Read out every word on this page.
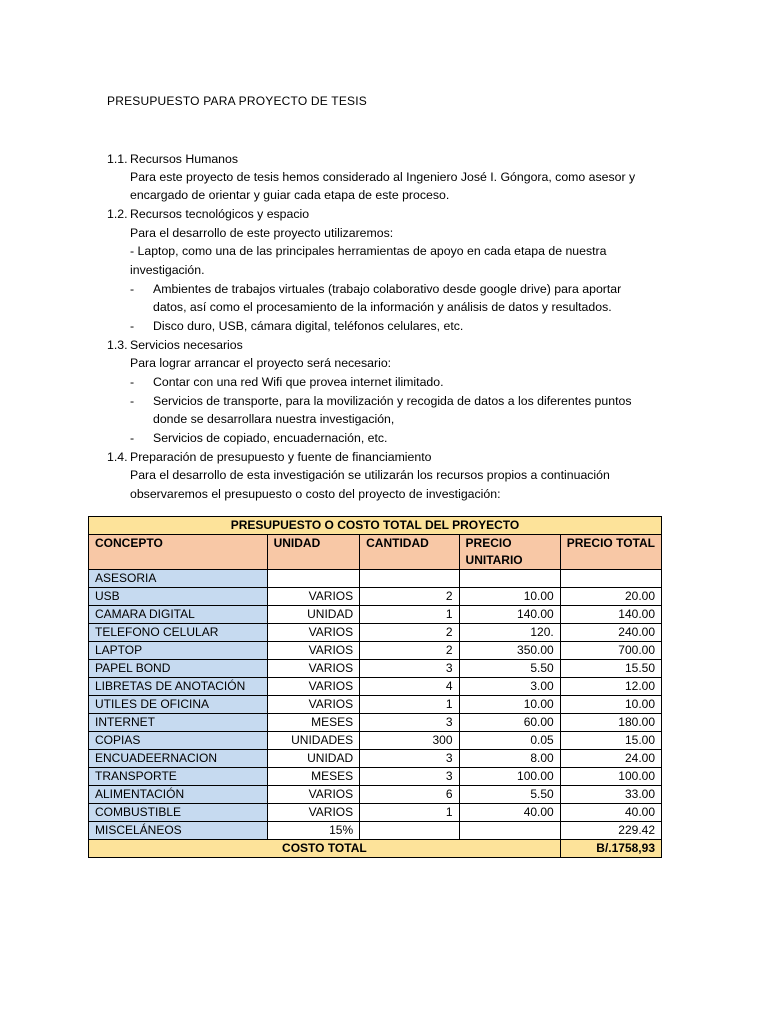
PRESUPUESTO PARA PROYECTO DE TESIS
1.1. Recursos Humanos
Para este proyecto de tesis hemos considerado al Ingeniero José I. Góngora, como asesor y
encargado de orientar y guiar cada etapa de este proceso.
1.2. Recursos tecnológicos y espacio
Para el desarrollo de este proyecto utilizaremos:
- Laptop, como una de las principales herramientas de apoyo en cada etapa de nuestra
investigación.
- Ambientes de trabajos virtuales (trabajo colaborativo desde google drive) para aportar
datos, así como el procesamiento de la información y análisis de datos y resultados.
- Disco duro, USB, cámara digital, teléfonos celulares, etc.
1.3. Servicios necesarios
Para lograr arrancar el proyecto será necesario:
- Contar con una red Wifi que provea internet ilimitado.
- Servicios de transporte, para la movilización y recogida de datos a los diferentes puntos
donde se desarrollara nuestra investigación,
- Servicios de copiado, encuadernación, etc.
1.4. Preparación de presupuesto y fuente de financiamiento
Para el desarrollo de esta investigación se utilizarán los recursos propios a continuación
observaremos el presupuesto o costo del proyecto de investigación:
PRESUPUESTO O COSTO TOTAL DEL PROYECTO				
CONCEPTO	UNIDAD	CANTIDAD	PRECIO
UNITARIO	PRECIO TOTAL
ASESORIA				
USB	VARIOS	2	10.00	20.00
CAMARA DIGITAL	UNIDAD	1	140.00	140.00
TELEFONO CELULAR	VARIOS	2	120.	240.00
LAPTOP	VARIOS	2	350.00	700.00
PAPEL BOND	VARIOS	3	5.50	15.50
LIBRETAS DE ANOTACIÓN	VARIOS	4	3.00	12.00
UTILES DE OFICINA	VARIOS	1	10.00	10.00
INTERNET	MESES	3	60.00	180.00
COPIAS	UNIDADES	300	0.05	15.00
ENCUADEERNACION	UNIDAD	3	8.00	24.00
TRANSPORTE	MESES	3	100.00	100.00
ALIMENTACIÓN	VARIOS	6	5.50	33.00
COMBUSTIBLE	VARIOS	1	40.00	40.00
MISCELÁNEOS	15%			229.42
COSTO TOTAL				B/.1758,93
